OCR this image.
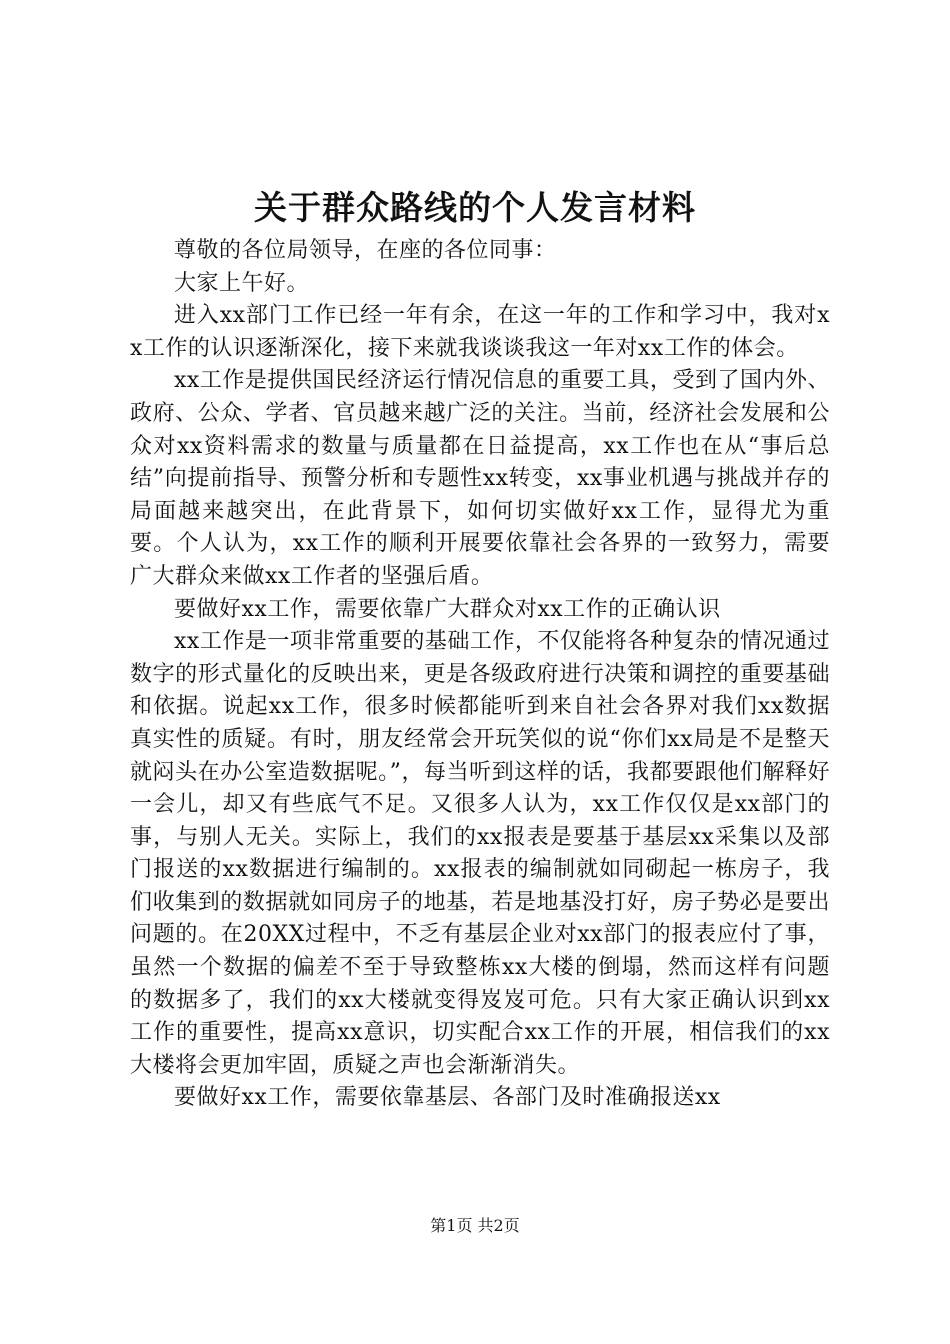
关于群众路线的个人发言材料

尊敬的各位局领导，在座的各位同事：

大家上午好。

进入xx部门工作已经一年有余，在这一年的工作和学习中，我对xx工作的认识逐渐深化，接下来就我谈谈我这一年对xx工作的体会。

xx工作是提供国民经济运行情况信息的重要工具，受到了国内外、政府、公众、学者、官员越来越广泛的关注。当前，经济社会发展和公众对xx资料需求的数量与质量都在日益提高，xx工作也在从“事后总结”向提前指导、预警分析和专题性xx转变，xx事业机遇与挑战并存的局面越来越突出，在此背景下，如何切实做好xx工作，显得尤为重要。个人认为，xx工作的顺利开展要依靠社会各界的一致努力，需要广大群众来做xx工作者的坚强后盾。

要做好xx工作，需要依靠广大群众对xx工作的正确认识

xx工作是一项非常重要的基础工作，不仅能将各种复杂的情况通过数字的形式量化的反映出来，更是各级政府进行决策和调控的重要基础和依据。说起xx工作，很多时候都能听到来自社会各界对我们xx数据真实性的质疑。有时，朋友经常会开玩笑似的说“你们xx局是不是整天就闷头在办公室造数据呢。”，每当听到这样的话，我都要跟他们解释好一会儿，却又有些底气不足。又很多人认为，xx工作仅仅是xx部门的事，与别人无关。实际上，我们的xx报表是要基于基层xx采集以及部门报送的xx数据进行编制的。xx报表的编制就如同砌起一栋房子，我们收集到的数据就如同房子的地基，若是地基没打好，房子势必是要出问题的。在20XX过程中，不乏有基层企业对xx部门的报表应付了事，虽然一个数据的偏差不至于导致整栋xx大楼的倒塌，然而这样有问题的数据多了，我们的xx大楼就变得岌岌可危。只有大家正确认识到xx工作的重要性，提高xx意识，切实配合xx工作的开展，相信我们的xx大楼将会更加牢固，质疑之声也会渐渐消失。

要做好xx工作，需要依靠基层、各部门及时准确报送xx

第1页 共2页
